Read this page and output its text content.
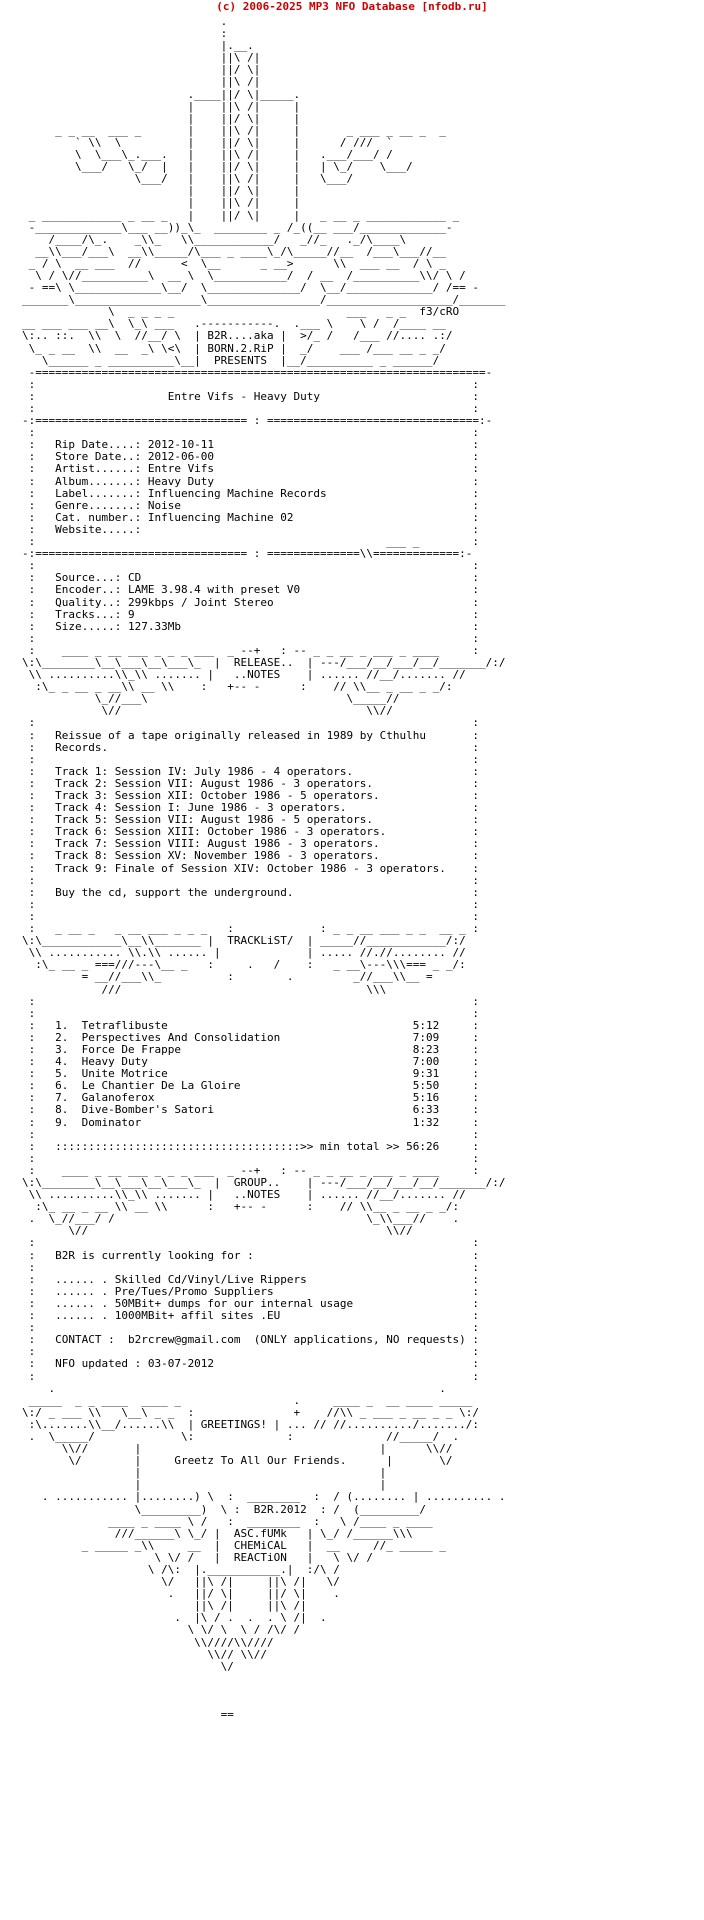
(c) 2006-2025 MP3 NFO Database [nfodb.ru]
.
:
|.__.
||\ /|
||/ \|
||\ /|
.____||/ \|_____.
|    ||\ /|     |
|    ||/ \|     |
_ _ __  ___ _       |    ||\ /|     |       _ ___ _ __ _  _
` \\  \          |    ||/ \|     |      / ///  `
\  \___\_.___.   |    ||\ /|     |   .___/___/ /
\___/   \_/  |   |    ||/ \|     |   | \_/    \___/
\___/   |    ||\ /|     |   \___/
|    ||/ \|     |
|    ||\ /|     |
_ ____________ _ __ _   |    ||/ \|     |   _ __ _ ____________ _
-_____________\___ __))_\_  ________ _ /_((__ ___/_____________-
/____/\_.    _\\_   \\____________/   _//_   ._/\____\
__\\___/___\  __\\_____/\___ _ ____\_/\_____//__  /___\___//__
_ / \  __ ___  //      <  \__      _ __>      \\  ___ __  / \ _
\ / \//__________\  __ \  \___________/  / __  /__________\\/ \ /
- ==\ \_____________\__/  \______________/  \__/_____________/ /== -
_______\___________________\_________________/___________________/_______
\  _ _ _ _                          ___   _ _  f3/cRO
__ ___ ___ __\  \_\ ___   .-----------.  .___ \    \ /  /____ __
\:.. ::.  \\  \  //__/ \  | B2R....aka |  >/_ /   /___ //.... .:/
\_ _ __  \\  __  _\ \<\  | BORN.2.RiP |  _/    ___ /___ __ _ _/
\______ _ __________\__|  PRESENTS  |__/__________ _ ______/
-====================================================================-
:                                                                  :
:                    Entre Vifs - Heavy Duty                       :
:                                                                  :
-:================================ : ================================:-
:                                                                  :
:   Rip Date....: 2012-10-11                                       :
:   Store Date..: 2012-06-00                                       :
:   Artist......: Entre Vifs                                       :
:   Album.......: Heavy Duty                                       :
:   Label.......: Influencing Machine Records                      :
:   Genre.......: Noise                                            :
:   Cat. number.: Influencing Machine 02                           :
:   Website.....:                                                  :
:                                                     ___ _        :
-:================================ : ==============\\=============:-
:                                                                  :
:   Source...: CD                                                  :
:   Encoder..: LAME 3.98.4 with preset V0                          :
:   Quality..: 299kbps / Joint Stereo                              :
:   Tracks...: 9                                                   :
:   Size.....: 127.33Mb                                            :
:                                                                  :
:    ____ _ __ ___ _ _ _ ___  _ --+   : -- _ _ __ _ ___ _ ____     :
\:\________\__\___\__\___\_  |  RELEASE..  | ---/___/__/___/__/_______/:/
\\ ..........\\_\\ ....... |   ..NOTES    | ...... //__/....... //
:\_ _ __ _ __\\ __ \\    :   +-- -      :    // \\__ _ __ _ _/:
\_//___\                              \_____//
\//                                     \\//
:                                                                  :
:   Reissue of a tape originally released in 1989 by Cthulhu       :
:   Records.                                                       :
:                                                                  :
:   Track 1: Session IV: July 1986 - 4 operators.                  :
:   Track 2: Session VII: August 1986 - 3 operators.               :
:   Track 3: Session XII: October 1986 - 5 operators.              :
:   Track 4: Session I: June 1986 - 3 operators.                   :
:   Track 5: Session VII: August 1986 - 5 operators.               :
:   Track 6: Session XIII: October 1986 - 3 operators.             :
:   Track 7: Session VIII: August 1986 - 3 operators.              :
:   Track 8: Session XV: November 1986 - 3 operators.              :
:   Track 9: Finale of Session XIV: October 1986 - 3 operators.    :
:                                                                  :
:   Buy the cd, support the underground.                           :
:                                                                  :
:                                                                  :
:   _ __ _   _ __ ___ _ _ _   :             : _ _ __ ___ _ _  __ _ :
\:\____________\__\\_______ |  TRACKLiST/  | _____//____________/:/
\\ ........... \\.\\ ...... |             | ..... //.//........ //
:\_ __ _ ===///---\__ _   :     .   /    :   _ __\---\\\=== _ _/:
= __//___\\_          :        .         _//___\\__ =
///                                     \\\
:                                                                  :
:                                                                  :
:   1.  Tetraflibuste                                     5:12     :
:   2.  Perspectives And Consolidation                    7:09     :
:   3.  Force De Frappe                                   8:23     :
:   4.  Heavy Duty                                        7:00     :
:   5.  Unite Motrice                                     9:31     :
:   6.  Le Chantier De La Gloire                          5:50     :
:   7.  Galanoferox                                       5:16     :
:   8.  Dive-Bomber's Satori                              6:33     :
:   9.  Dominator                                         1:32     :
:                                                                  :
:   :::::::::::::::::::::::::::::::::::::>> min total >> 56:26     :
:                                                                  :
:    ____ _ __ ___ _ _ _ ___  _ --+   : -- _ _ __ _ ___ _ ____     :
\:\________\__\___\__\___\_  |  GROUP..    | ---/___/__/___/__/_______/:/
\\ ..........\\_\\ ....... |   ..NOTES    | ...... //__/....... //
:\_ __ _ __ \\ __ \\      :   +-- -      :    // \\__ _ __ _ _/:
.  \_//___/ /                                      \_\\___//    .
\//                                             \\//
:                                                                  :
:   B2R is currently looking for :                                 :
:                                                                  :
:   ...... . Skilled Cd/Vinyl/Live Rippers                         :
:   ...... . Pre/Tues/Promo Suppliers                              :
:   ...... . 50MBit+ dumps for our internal usage                  :
:   ...... . 1000MBit+ affil sites .EU                             :
:                                                                  :
:   CONTACT :  b2rcrew@gmail.com  (ONLY applications, NO requests) :
:                                                                  :
:   NFO updated : 03-07-2012                                       :
:                                                                  :
.                                                          .
_____  _ _ ____  ____ _                 .     ____ _  __ ____ _____
\:/ _ ___ \\   \__\ _ _  :               +    //\\ _ ___ _ __ _ _ \:/
:\.......\\__/......\\  | GREETINGS! | ... // //........../......./:
.  \_____/             \:              :              //_____/  .
\\//       |                                    |      \\//
\/        |     Greetz To All Our Friends.      |       \/
|                                    |
|                                    |
. ........... |........) \  :  ________  :  / (........ | .......... .
\_________)  \ :  B2R.2012  : /  (_________/
____ _ ____ \ /   :  ________  :   \ /____ _ ____
///______\ \_/ |  ASC.fUMk   | \_/ /______\\\
_ _____ _\\     __  |  CHEMiCAL   |  __     //_ _____ _
\ \/ /   |  REACTiON   |   \ \/ /
\ /\:  |.___________.|  :/\ /
\/   ||\ /|     ||\ /|   \/
.   ||/ \|     ||/ \|    .
||\ /|     ||\ /|
.  |\ / .  .  . \ /|  .
\ \/ \  \ / /\/ /
\\////\\////
\\// \\//
\/

==
